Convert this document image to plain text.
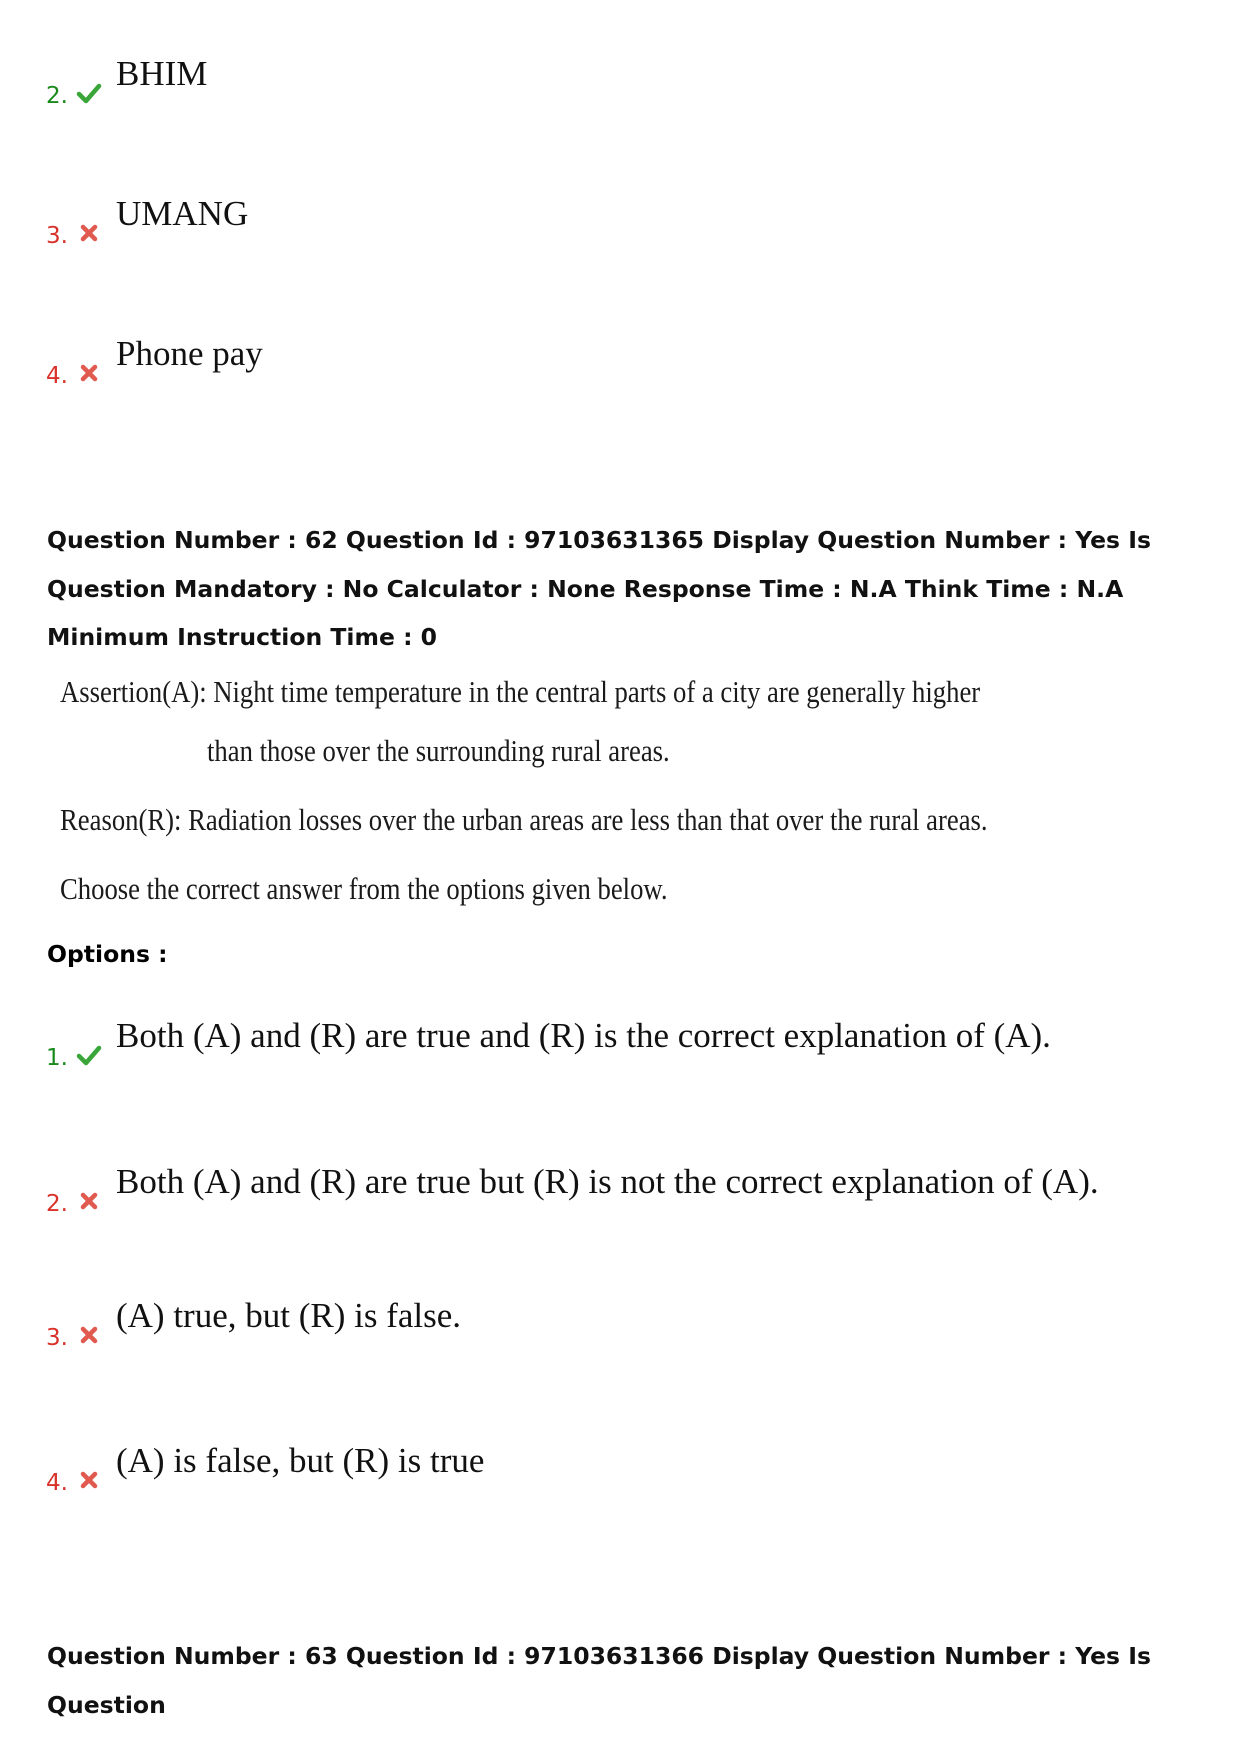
2.
BHIM
3.
UMANG
4.
Phone pay
Question Number : 62 Question Id : 97103631365 Display Question Number : Yes Is Question Mandatory : No Calculator : None Response Time : N.A Think Time : N.A Minimum Instruction Time : 0
Assertion(A): Night time temperature in the central parts of a city are generally higher
than those over the surrounding rural areas.
Reason(R): Radiation losses over the urban areas are less than that over the rural areas.
Choose the correct answer from the options given below.
Options :
1.
Both (A) and (R) are true and (R) is the correct explanation of (A).
2.
Both (A) and (R) are true but (R) is not the correct explanation of (A).
3.
(A) true, but (R) is false.
4.
(A) is false, but (R) is true
Question Number : 63 Question Id : 97103631366 Display Question Number : Yes Is Question
